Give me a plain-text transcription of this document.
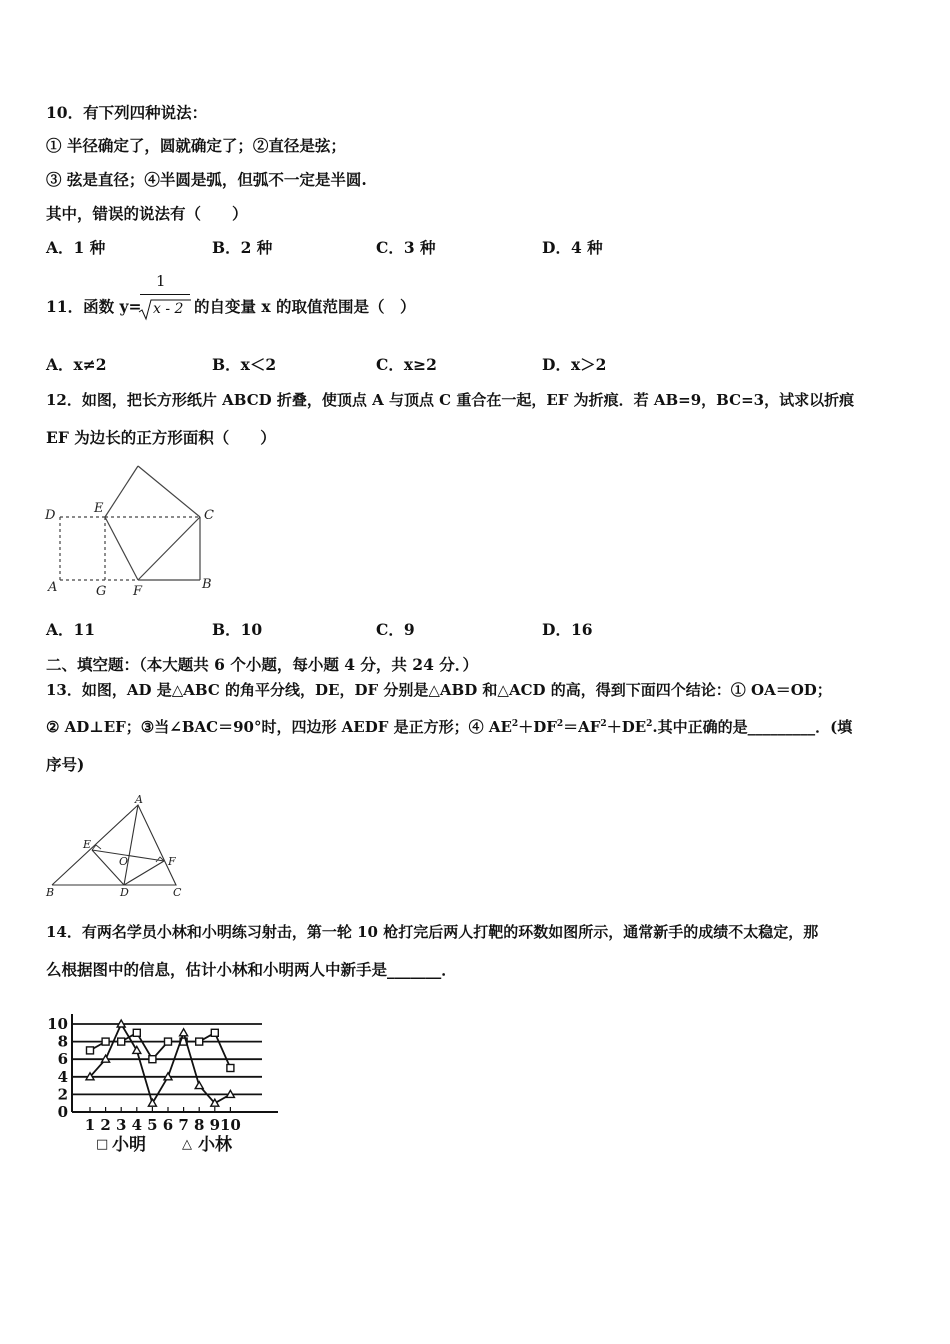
10．有下列四种说法：
① 半径确定了，圆就确定了；②直径是弦；
③ 弦是直径；④半圆是弧，但弧不一定是半圆.
其中，错误的说法有（　　）
A．1 种	B．2 种	C．3 种	D．4 种
11．函数 y=
1
x - 2 的自变量 x 的取值范围是（　）
A．x≠2	B．x＜2	C．x≥2	D．x＞2
12．如图，把长方形纸片 ABCD 折叠，使顶点 A 与顶点 C 重合在一起，EF 为折痕．若 AB=9，BC=3，试求以折痕
EF 为边长的正方形面积（　　）
D	E	C
A	G F	B
A．11	B．10	C．9	D．16
二、填空题：（本大题共 6 个小题，每小题 4 分，共 24 分．）
13．如图，AD 是△ABC 的角平分线，DE，DF 分别是△ABD 和△ACD 的高，得到下面四个结论：① OA＝OD；
② AD⊥EF；③当∠BAC＝90°时，四边形 AEDF 是正方形；④ $AE^2+DF^2=AF^2+DE^2$.其中正确的是_________．(填
序号)
A
E
O	F
B	D	C
14．有两名学员小林和小明练习射击，第一轮 10 枪打完后两人打靶的环数如图所示，通常新手的成绩不太稳定，那
么根据图中的信息，估计小林和小明两人中新手是_______．
0
2
4
6
8
10
1 2 3 4 5 6 7 8 9 10
□ 小明	△ 小林
